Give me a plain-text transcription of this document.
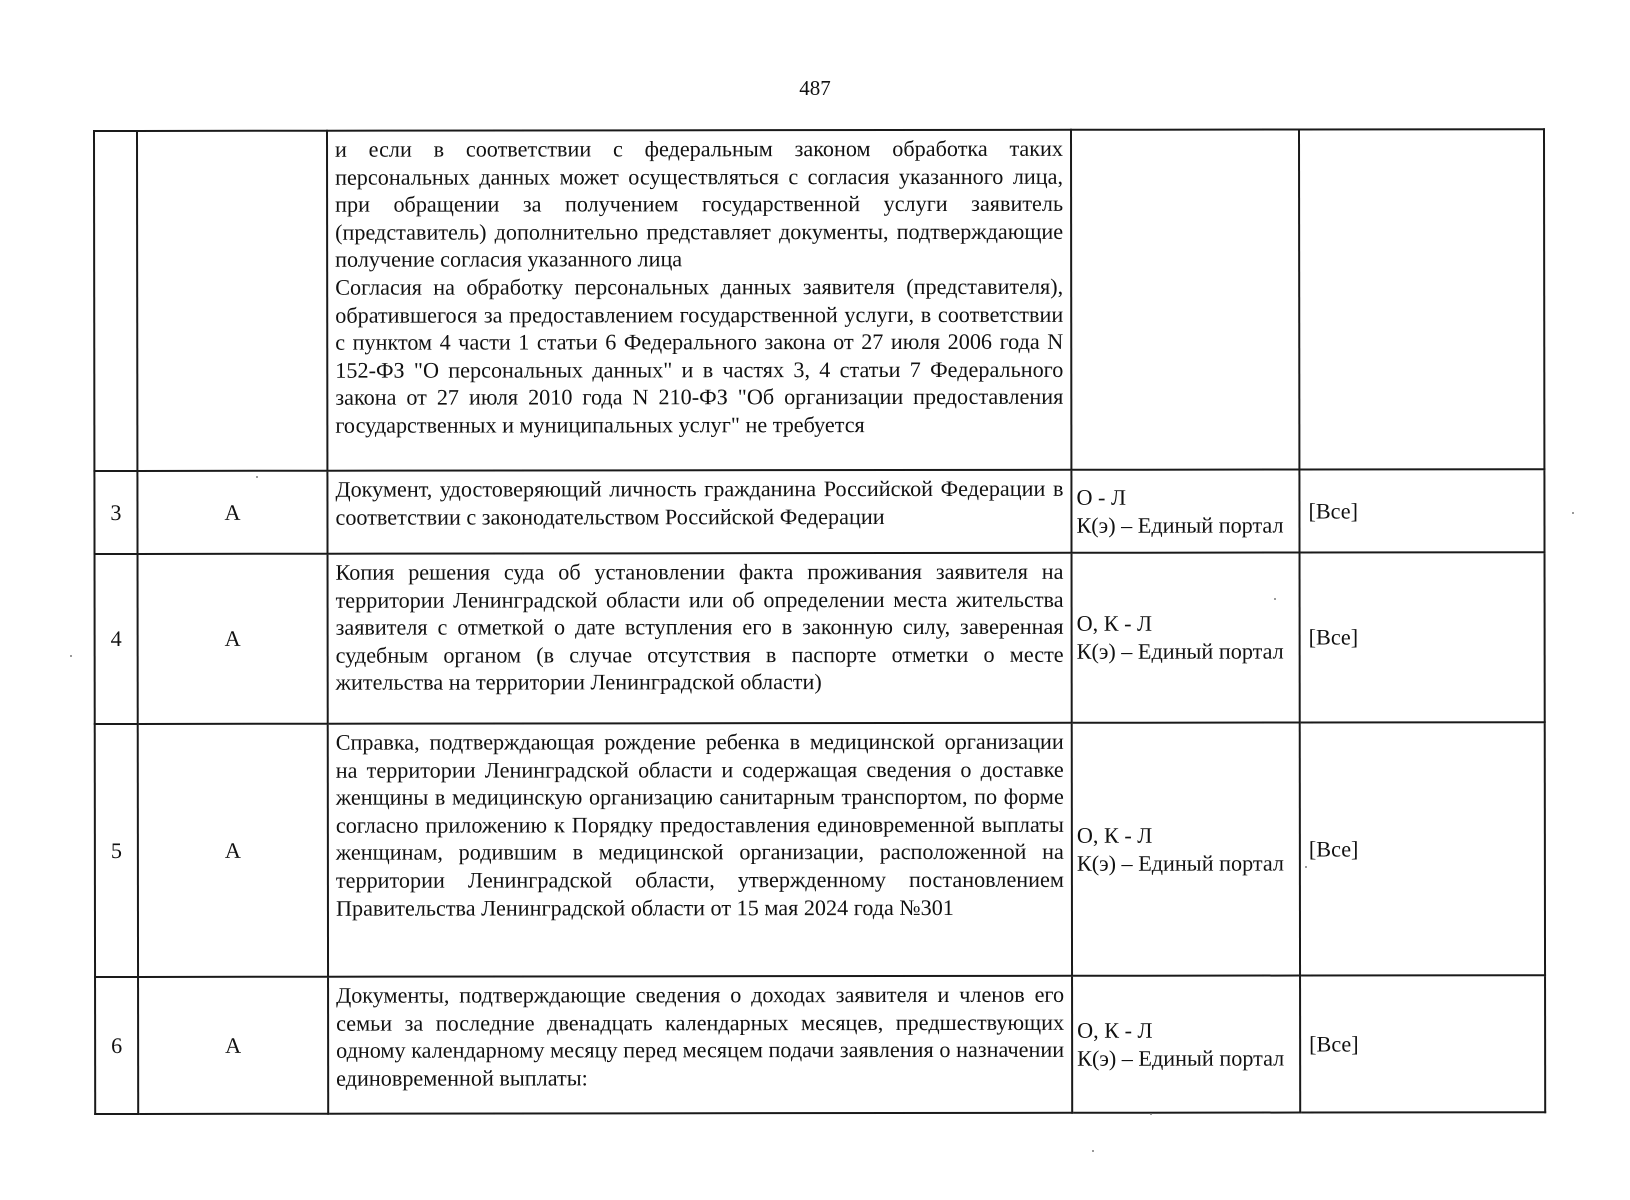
487

		и если в соответствии с федеральным законом обработка таких персональных данных может осуществляться с согласия указанного лица, при обращении за получением государственной услуги заявитель (представитель) дополнительно представляет документы, подтверждающие получение согласия указанного лица

Согласия на обработку персональных данных заявителя (представителя), обратившегося за предоставлением государственной услуги, в соответствии с пунктом 4 части 1 статьи 6 Федерального закона от 27 июля 2006 года N 152-ФЗ "О персональных данных" и в частях 3, 4 статьи 7 Федерального закона от 27 июля 2010 года N 210-ФЗ "Об организации предоставления государственных и муниципальных услуг" не требуется		

3	А	Документ, удостоверяющий личность гражданина Российской Федерации в соответствии с законодательством Российской Федерации	О - Л
К(э) – Единый портал	[Все]
4	А	Копия решения суда об установлении факта проживания заявителя на территории Ленинградской области или об определении места жительства заявителя с отметкой о дате вступления его в законную силу, заверенная судебным органом (в случае отсутствия в паспорте отметки о месте жительства на территории Ленинградской области)	О, К - Л
К(э) – Единый портал	[Все]
5	А	Справка, подтверждающая рождение ребенка в медицинской организации на территории Ленинградской области и содержащая сведения о доставке женщины в медицинскую организацию санитарным транспортом, по форме согласно приложению к Порядку предоставления единовременной выплаты женщинам, родившим в медицинской организации, расположенной на территории Ленинградской области, утвержденному постановлением Правительства Ленинградской области от 15 мая 2024 года №301	О, К - Л
К(э) – Единый портал	[Все]
6	А	Документы, подтверждающие сведения о доходах заявителя и членов его семьи за последние двенадцать календарных месяцев, предшествующих одному календарному месяцу перед месяцем подачи заявления о назначении единовременной выплаты:	О, К - Л
К(э) – Единый портал	[Все]
